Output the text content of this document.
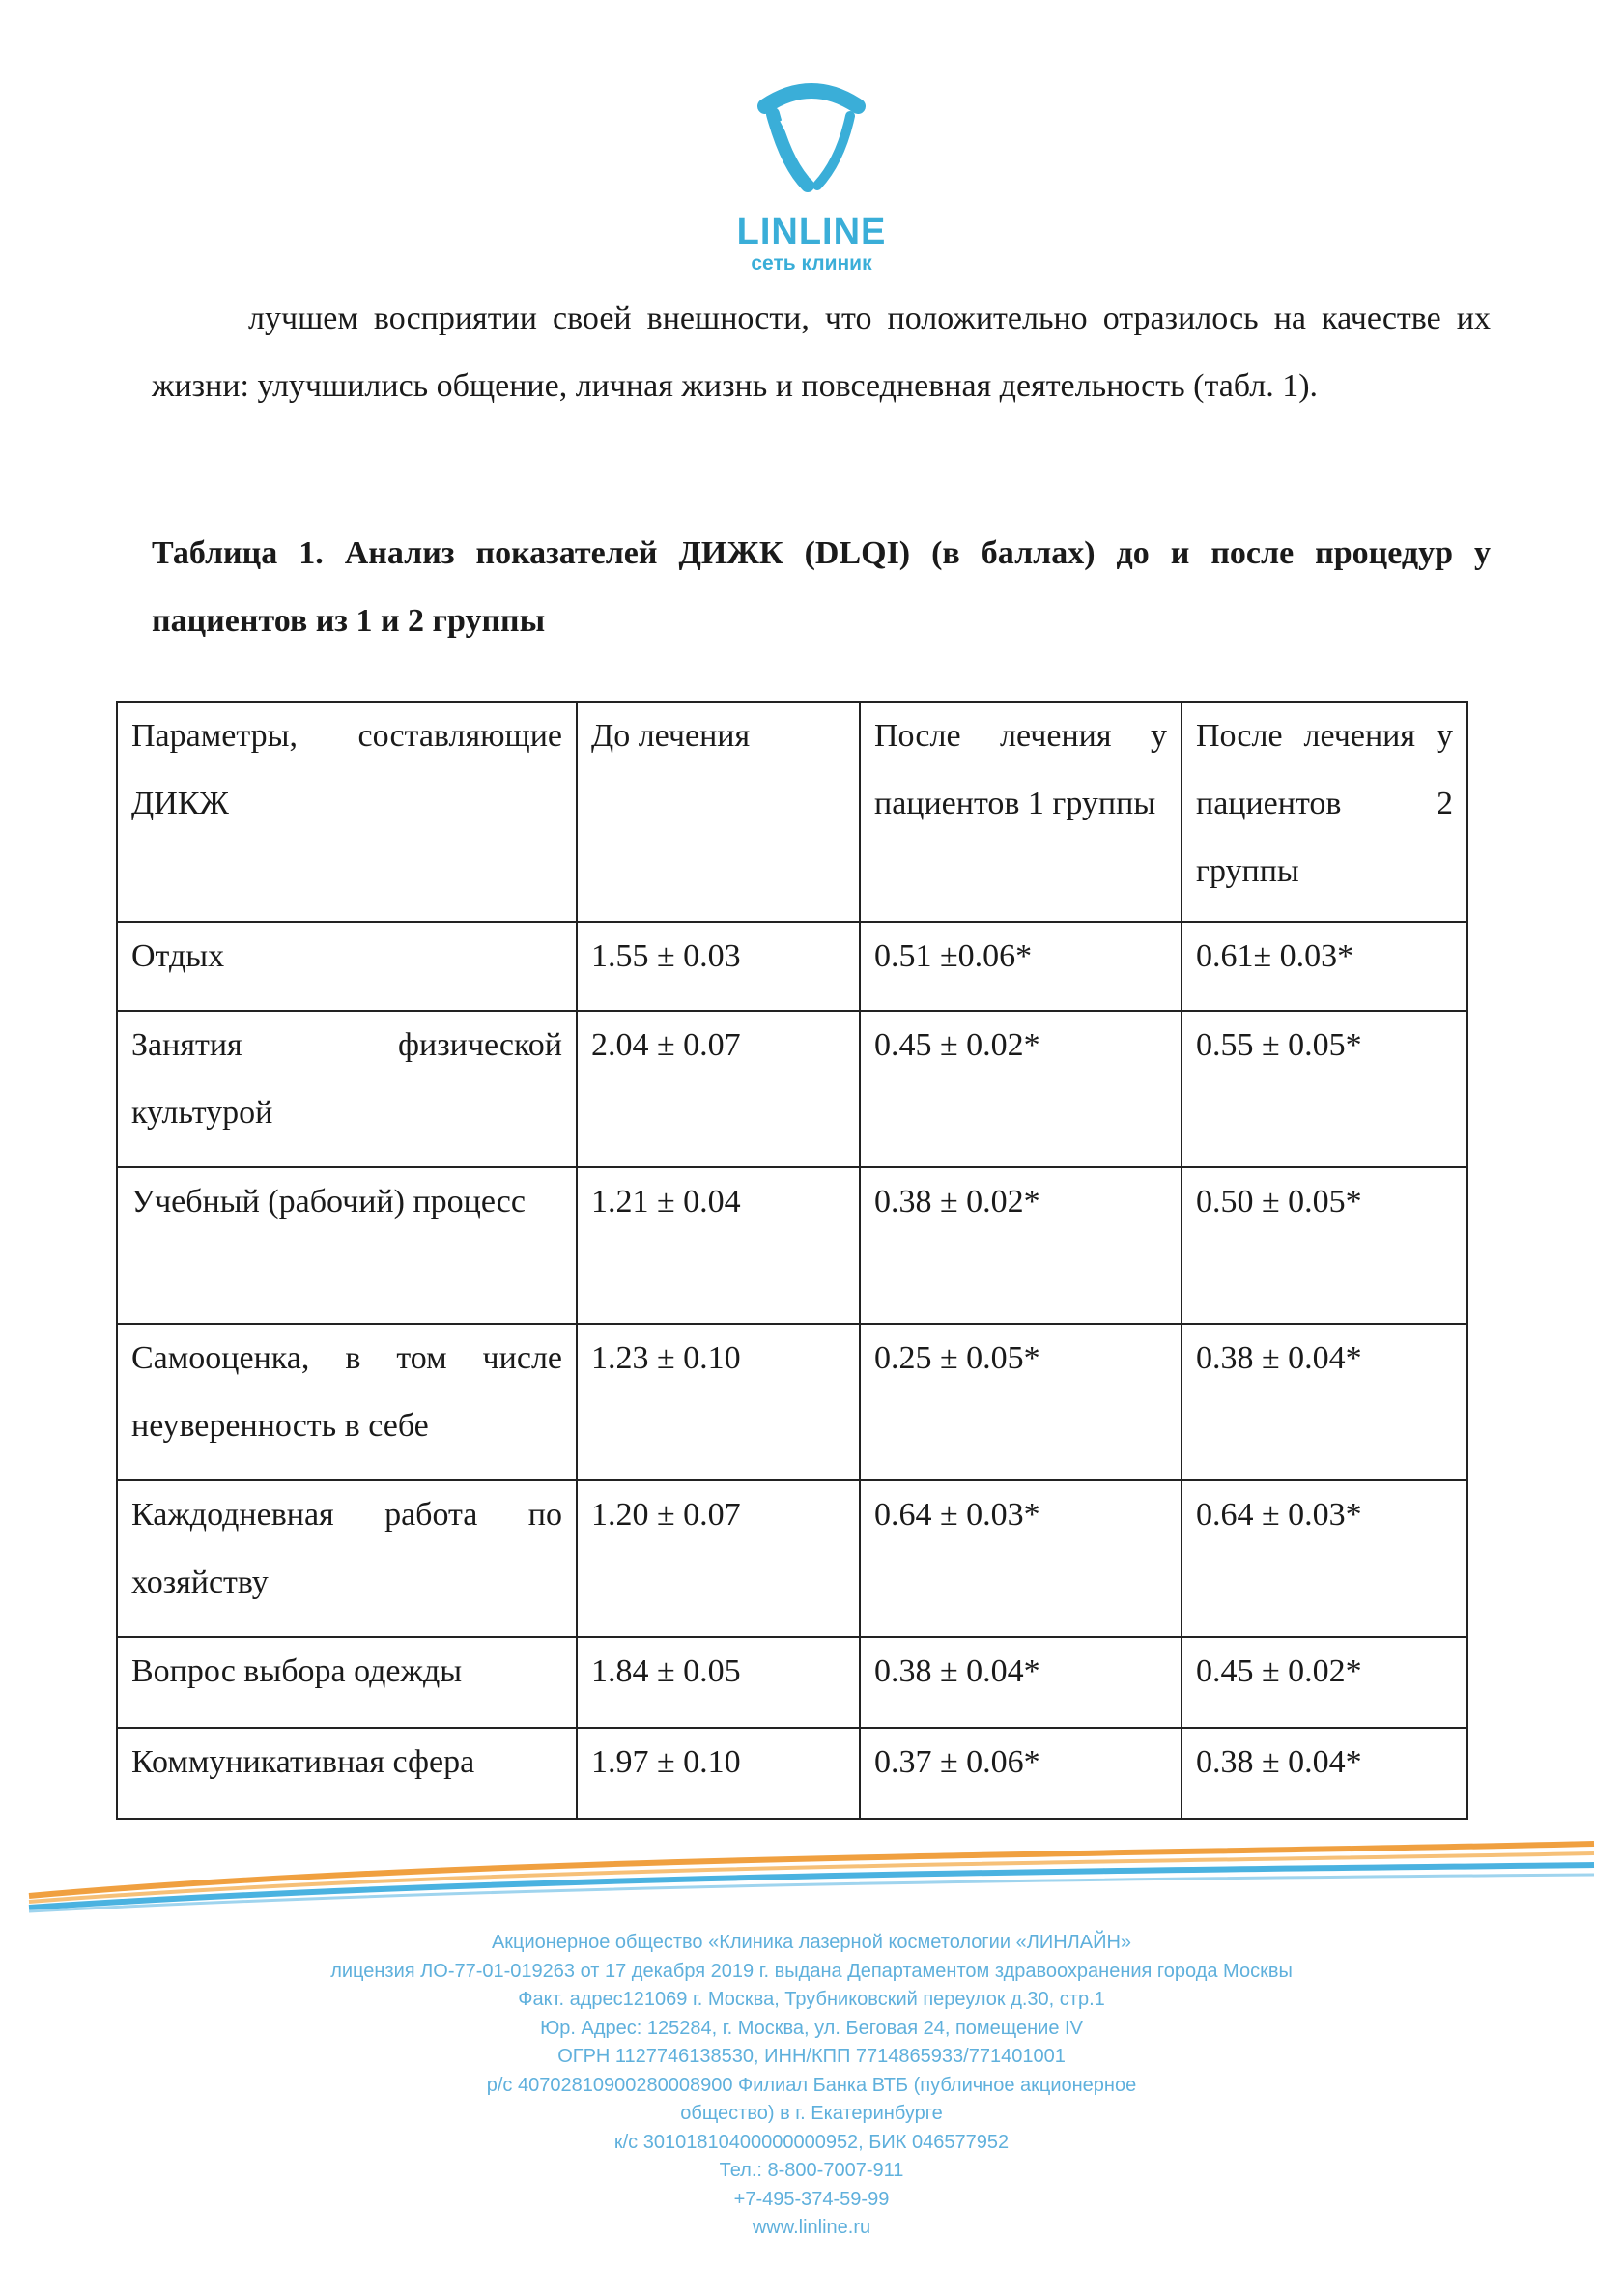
LINLINE
сеть клиник

лучшем восприятии своей внешности, что положительно отразилось на качестве их жизни: улучшились общение, личная жизнь и повседневная деятельность (табл. 1).

Таблица 1. Анализ показателей ДИЖК (DLQI) (в баллах) до и после процедур у пациентов из 1 и 2 группы

Параметры, составляющие ДИКЖ	До лечения	После лечения у пациентов 1 группы	После лечения у пациентов 2 группы

Отдых	1.55 ± 0.03	0.51 ±0.06*	0.61± 0.03*

Занятия физической культурой	2.04 ± 0.07	0.45 ± 0.02*	0.55 ± 0.05*

Учебный (рабочий) процесс	1.21 ± 0.04	0.38 ± 0.02*	0.50 ± 0.05*

Самооценка, в том числе неуверенность в себе	1.23 ± 0.10	0.25 ± 0.05*	0.38 ± 0.04*

Каждодневная работа по хозяйству	1.20 ± 0.07	0.64 ± 0.03*	0.64 ± 0.03*

Вопрос выбора одежды	1.84 ± 0.05	0.38 ± 0.04*	0.45 ± 0.02*

Коммуникативная сфера	1.97 ± 0.10	0.37 ± 0.06*	0.38 ± 0.04*
Акционерное общество «Клиника лазерной косметологии «ЛИНЛАЙН»
лицензия ЛО-77-01-019263 от 17 декабря 2019 г. выдана Департаментом здравоохранения города Москвы
Факт. адрес121069 г. Москва, Трубниковский переулок д.30, стр.1
Юр. Адрес: 125284, г. Москва, ул. Беговая 24, помещение IV
ОГРН 1127746138530, ИНН/КПП 7714865933/771401001
р/с 40702810900280008900 Филиал Банка ВТБ (публичное акционерное
общество) в г. Екатеринбурге
к/с 30101810400000000952, БИК 046577952
Тел.: 8-800-7007-911
+7-495-374-59-99
www.linline.ru
